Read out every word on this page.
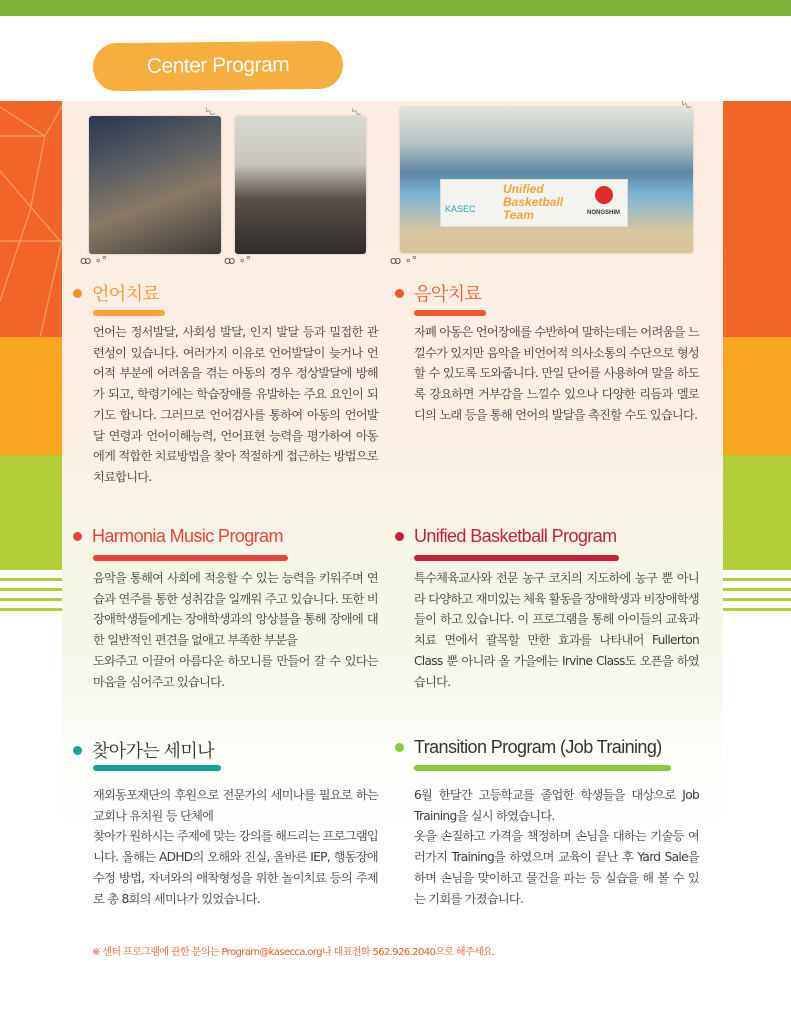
Center Program
KASEC
Unified Basketball Team	NONGSHIM
〰	〰	〰
ꝏ ∘°	ꝏ ∘°	ꝏ ∘°
언어치료
언어는 정서발달, 사회성 발달, 인지 발달 등과 밀접한 관련성이 있습니다. 여러가지 이유로 언어발달이 늦거나 언어적 부분에 어려움을 겪는 아동의 경우 정상발달에 방해가 되고, 학령기에는 학습장애를 유발하는 주요 요인이 되기도 합니다. 그러므로 언어검사를 통하여 아동의 언어발달 연령과 언어이해능력, 언어표현 능력을 평가하여 아동에게 적합한 치료방법을 찾아 적절하게 접근하는 방법으로 치료합니다.
음악치료
자폐 아동은 언어장애를 수반하여 말하는데는 어려움을 느낄수가 있지만 음악을 비언어적 의사소통의 수단으로 형성할 수 있도록 도와줍니다. 만일 단어를 사용하여 말을 하도록 강요하면 거부감을 느낄수 있으나 다양한 리듬과 멜로디의 노래 등을 통해 언어의 발달을 촉진할 수도 있습니다.
Harmonia Music Program
음악을 통해여 사회에 적응할 수 있는 능력을 키워주며 연습과 연주를 통한 성취감을 일깨워 주고 있습니다. 또한 비장애학생들에게는 장애학생과의 앙상블을 통해 장애에 대한 일반적인 편견을 없애고 부족한 부분을
도와주고 이끌어 아름다운 하모니를 만들어 갈 수 있다는 마음을 심어주고 있습니다.
Unified Basketball Program
특수체육교사와 전문 농구 코치의 지도하에 농구 뿐 아니라 다양하고 재미있는 체육 활동을 장애학생과 비장애학생들이 하고 있습니다. 이 프로그램을 통해 아이들의 교육과 치료 면에서 괄목할 만한 효과를 나타내어 Fullerton Class 뿐 아니라 올 가을에는 Irvine Class도 오픈을 하였습니다.
찾아가는 세미나
재외동포재단의 후원으로 전문가의 세미나를 필요로 하는 교회나 유치원 등 단체에
찾아가 원하시는 주제에 맞는 강의를 해드리는 프로그램입니다. 올해는 ADHD의 오해와 진실, 올바른 IEP, 행동장애 수정 방법, 자녀와의 애착형성을 위한 놀이치료 등의 주제로 총 8회의 세미나가 있었습니다.
Transition Program (Job Training)
6월 한달간 고등학교를 졸업한 학생들을 대상으로 Job Training을 실시 하였습니다.
옷을 손질하고 가격을 책정하며 손님을 대하는 기술등 여러가지 Training을 하였으며 교육이 끝난 후 Yard Sale을 하며 손님을 맞이하고 물건을 파는 등 실습을 해 볼 수 있는 기회를 가졌습니다.
※ 센터 프로그램에 관한 문의는 Program@kasecca.org나 대표전화 562.926.2040으로 해주세요.
